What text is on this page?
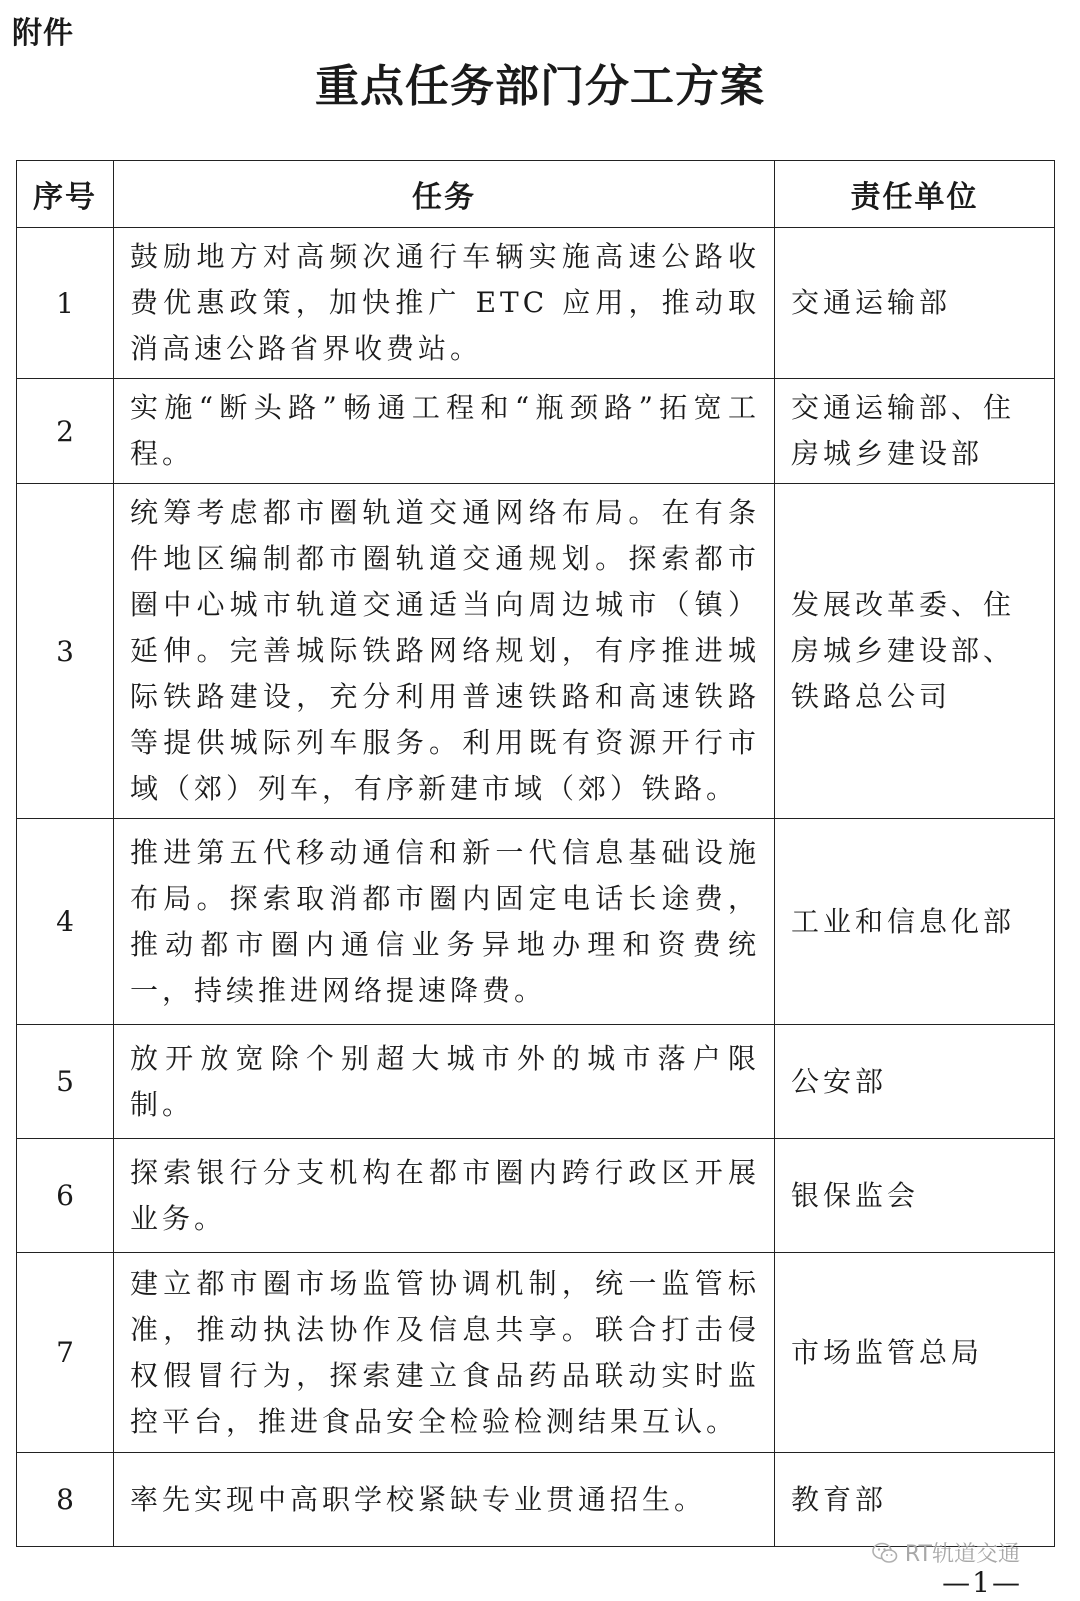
附件
重点任务部门分工方案
序号	任务	责任单位
1	鼓励地方对高频次通行车辆实施高速公路收费优惠政策，加快推广 ETC 应用，推动取消高速公路省界收费站。	交通运输部
2	实施“断头路”畅通工程和“瓶颈路”拓宽工程。	交通运输部、住房城乡建设部
3	统筹考虑都市圈轨道交通网络布局。在有条件地区编制都市圈轨道交通规划。探索都市圈中心城市轨道交通适当向周边城市（镇）延伸。完善城际铁路网络规划，有序推进城际铁路建设，充分利用普速铁路和高速铁路等提供城际列车服务。利用既有资源开行市域（郊）列车，有序新建市域（郊）铁路。	发展改革委、住房城乡建设部、铁路总公司
4	推进第五代移动通信和新一代信息基础设施布局。探索取消都市圈内固定电话长途费，推动都市圈内通信业务异地办理和资费统一，持续推进网络提速降费。	工业和信息化部
5	放开放宽除个别超大城市外的城市落户限制。	公安部
6	探索银行分支机构在都市圈内跨行政区开展业务。	银保监会
7	建立都市圈市场监管协调机制，统一监管标准，推动执法协作及信息共享。联合打击侵权假冒行为，探索建立食品药品联动实时监控平台，推进食品安全检验检测结果互认。	市场监管总局
8	率先实现中高职学校紧缺专业贯通招生。	教育部
RT轨道交通
—1—
